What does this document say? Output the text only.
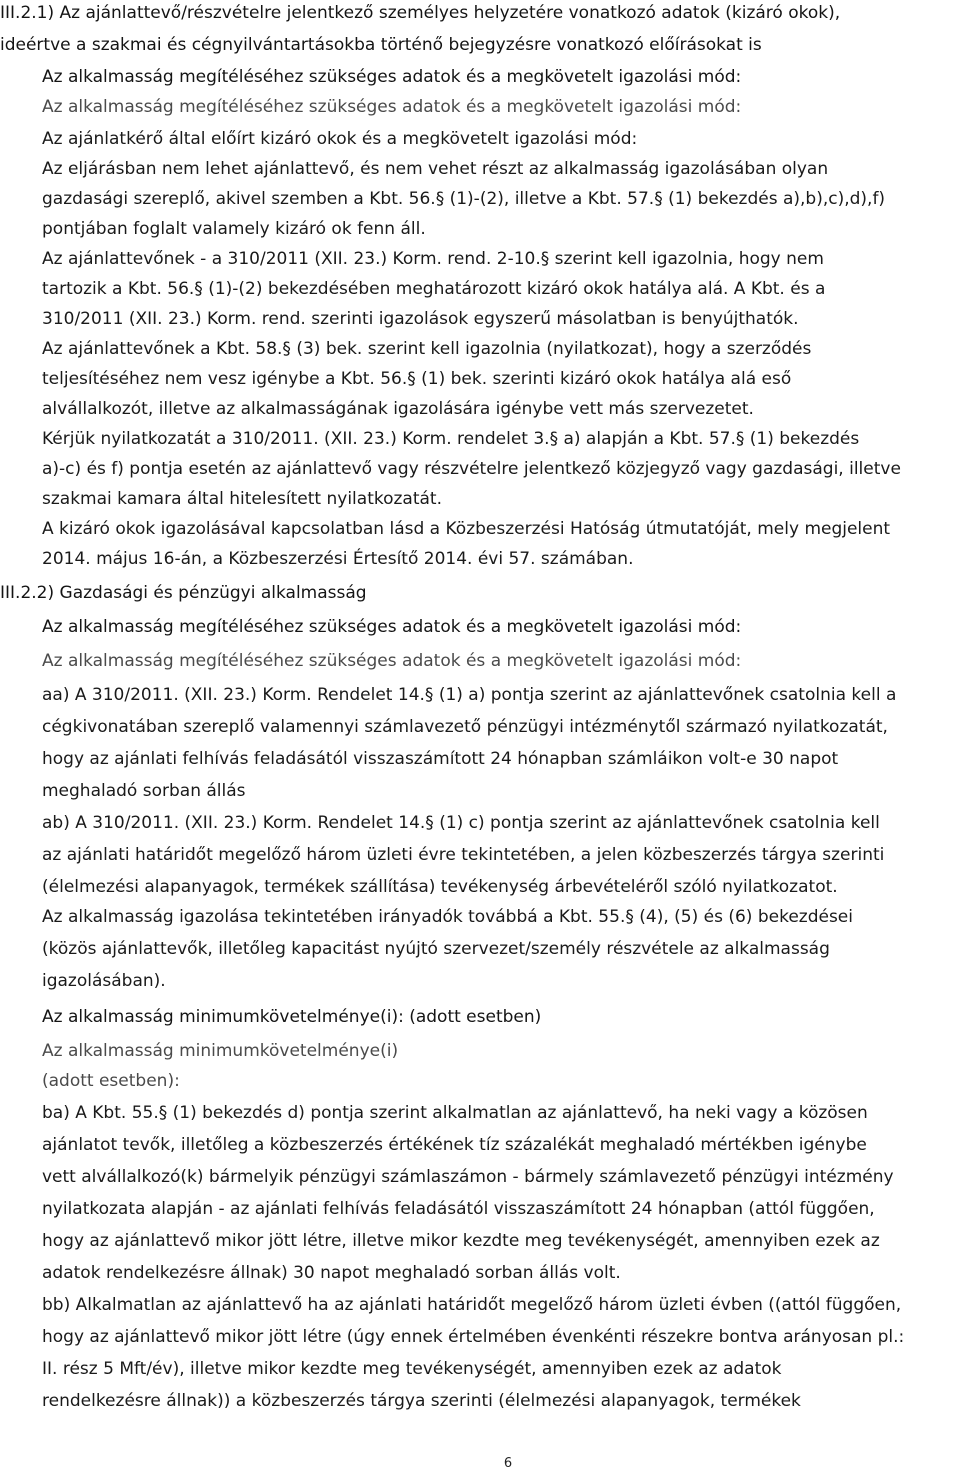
III.2.1) Az ajánlattevő/részvételre jelentkező személyes helyzetére vonatkozó adatok (kizáró okok),
ideértve a szakmai és cégnyilvántartásokba történő bejegyzésre vonatkozó előírásokat is
Az alkalmasság megítéléséhez szükséges adatok és a megkövetelt igazolási mód:
Az alkalmasság megítéléséhez szükséges adatok és a megkövetelt igazolási mód:
Az ajánlatkérő által előírt kizáró okok és a megkövetelt igazolási mód:
Az eljárásban nem lehet ajánlattevő, és nem vehet részt az alkalmasság igazolásában olyan
gazdasági szereplő, akivel szemben a Kbt. 56.§ (1)-(2), illetve a Kbt. 57.§ (1) bekezdés a),b),c),d),f)
pontjában foglalt valamely kizáró ok fenn áll.
Az ajánlattevőnek - a 310/2011 (XII. 23.) Korm. rend. 2-10.§ szerint kell igazolnia, hogy nem
tartozik a Kbt. 56.§ (1)-(2) bekezdésében meghatározott kizáró okok hatálya alá. A Kbt. és a
310/2011 (XII. 23.) Korm. rend. szerinti igazolások egyszerű másolatban is benyújthatók.
Az ajánlattevőnek a Kbt. 58.§ (3) bek. szerint kell igazolnia (nyilatkozat), hogy a szerződés
teljesítéséhez nem vesz igénybe a Kbt. 56.§ (1) bek. szerinti kizáró okok hatálya alá eső
alvállalkozót, illetve az alkalmasságának igazolására igénybe vett más szervezetet.
Kérjük nyilatkozatát a 310/2011. (XII. 23.) Korm. rendelet 3.§ a) alapján a Kbt. 57.§ (1) bekezdés
a)-c) és f) pontja esetén az ajánlattevő vagy részvételre jelentkező közjegyző vagy gazdasági, illetve
szakmai kamara által hitelesített nyilatkozatát.
A kizáró okok igazolásával kapcsolatban lásd a Közbeszerzési Hatóság útmutatóját, mely megjelent
2014. május 16-án, a Közbeszerzési Értesítő 2014. évi 57. számában.
III.2.2) Gazdasági és pénzügyi alkalmasság
Az alkalmasság megítéléséhez szükséges adatok és a megkövetelt igazolási mód:
Az alkalmasság megítéléséhez szükséges adatok és a megkövetelt igazolási mód:
aa) A 310/2011. (XII. 23.) Korm. Rendelet 14.§ (1) a) pontja szerint az ajánlattevőnek csatolnia kell a
cégkivonatában szereplő valamennyi számlavezető pénzügyi intézménytől származó nyilatkozatát,
hogy az ajánlati felhívás feladásától visszaszámított 24 hónapban számláikon volt-e 30 napot
meghaladó sorban állás
ab) A 310/2011. (XII. 23.) Korm. Rendelet 14.§ (1) c) pontja szerint az ajánlattevőnek csatolnia kell
az ajánlati határidőt megelőző három üzleti évre tekintetében, a jelen közbeszerzés tárgya szerinti
(élelmezési alapanyagok, termékek szállítása) tevékenység árbevételéről szóló nyilatkozatot.
Az alkalmasság igazolása tekintetében irányadók továbbá a Kbt. 55.§ (4), (5) és (6) bekezdései
(közös ajánlattevők, illetőleg kapacitást nyújtó szervezet/személy részvétele az alkalmasság
igazolásában).
Az alkalmasság minimumkövetelménye(i): (adott esetben)
Az alkalmasság minimumkövetelménye(i)
(adott esetben):
ba) A Kbt. 55.§ (1) bekezdés d) pontja szerint alkalmatlan az ajánlattevő, ha neki vagy a közösen
ajánlatot tevők, illetőleg a közbeszerzés értékének tíz százalékát meghaladó mértékben igénybe
vett alvállalkozó(k) bármelyik pénzügyi számlaszámon - bármely számlavezető pénzügyi intézmény
nyilatkozata alapján - az ajánlati felhívás feladásától visszaszámított 24 hónapban (attól függően,
hogy az ajánlattevő mikor jött létre, illetve mikor kezdte meg tevékenységét, amennyiben ezek az
adatok rendelkezésre állnak) 30 napot meghaladó sorban állás volt.
bb) Alkalmatlan az ajánlattevő ha az ajánlati határidőt megelőző három üzleti évben ((attól függően,
hogy az ajánlattevő mikor jött létre (úgy ennek értelmében évenkénti részekre bontva arányosan pl.:
II. rész 5 Mft/év), illetve mikor kezdte meg tevékenységét, amennyiben ezek az adatok
rendelkezésre állnak)) a közbeszerzés tárgya szerinti (élelmezési alapanyagok, termékek
6
